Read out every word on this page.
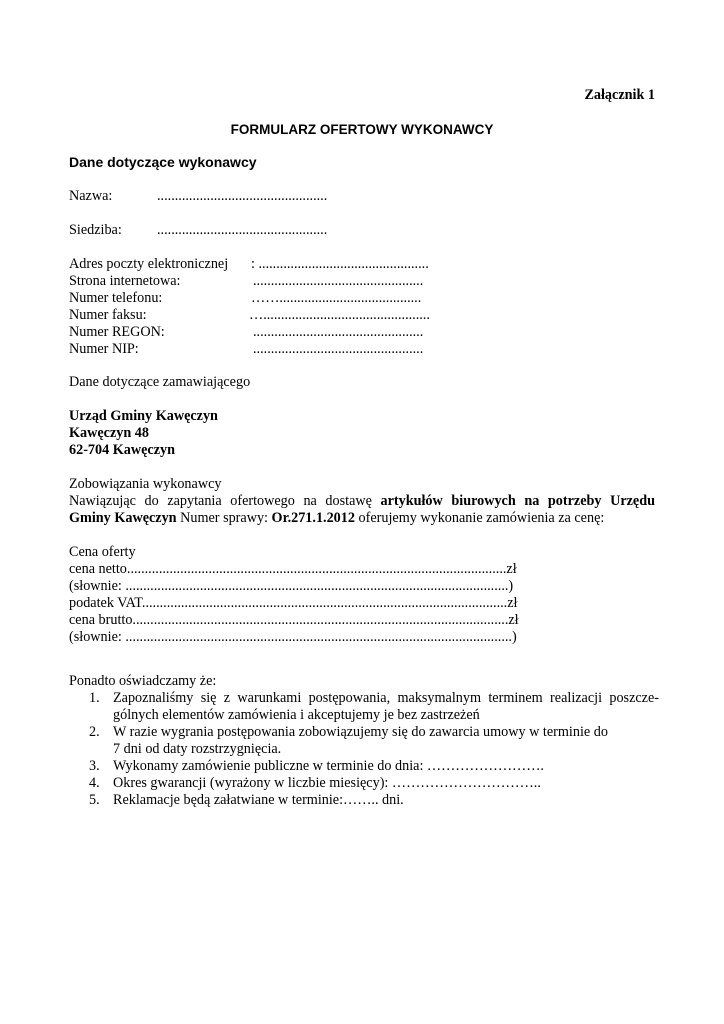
Załącznik 1
FORMULARZ OFERTOWY WYKONAWCY
Dane dotyczące wykonawcy
Nazwa:	................................................
Siedziba: ................................................
Adres poczty elektronicznej : ................................................
Strona internetowa:	................................................
Numer telefonu:	……........................................
Numer faksu:	…...............................................
Numer REGON:	................................................
Numer NIP:	................................................
Dane dotyczące zamawiającego
Urząd Gminy Kawęczyn
Kawęczyn 48
62-704 Kawęczyn
Zobowiązania wykonawcy
Nawiązując do zapytania ofertowego na dostawę artykułów biurowych na potrzeby Urzędu
Gminy Kawęczyn Numer sprawy: Or.271.1.2012 oferujemy wykonanie zamówienia za cenę:
Cena oferty
cena netto...........................................................................................................zł
(słownie: ............................................................................................................)
podatek VAT.......................................................................................................zł
cena brutto..........................................................................................................zł
(słownie: .............................................................................................................)
Ponadto oświadczamy że:
1. Zapoznaliśmy się z warunkami postępowania, maksymalnym terminem realizacji poszcze-
gólnych elementów zamówienia i akceptujemy je bez zastrzeżeń
2. W razie wygrania postępowania zobowiązujemy się do zawarcia umowy w terminie do
7 dni od daty rozstrzygnięcia.
3. Wykonamy zamówienie publiczne w terminie do dnia: …………………….
4. Okres gwarancji (wyrażony w liczbie miesięcy): …………………………..
5. Reklamacje będą załatwiane w terminie:…….. dni.
